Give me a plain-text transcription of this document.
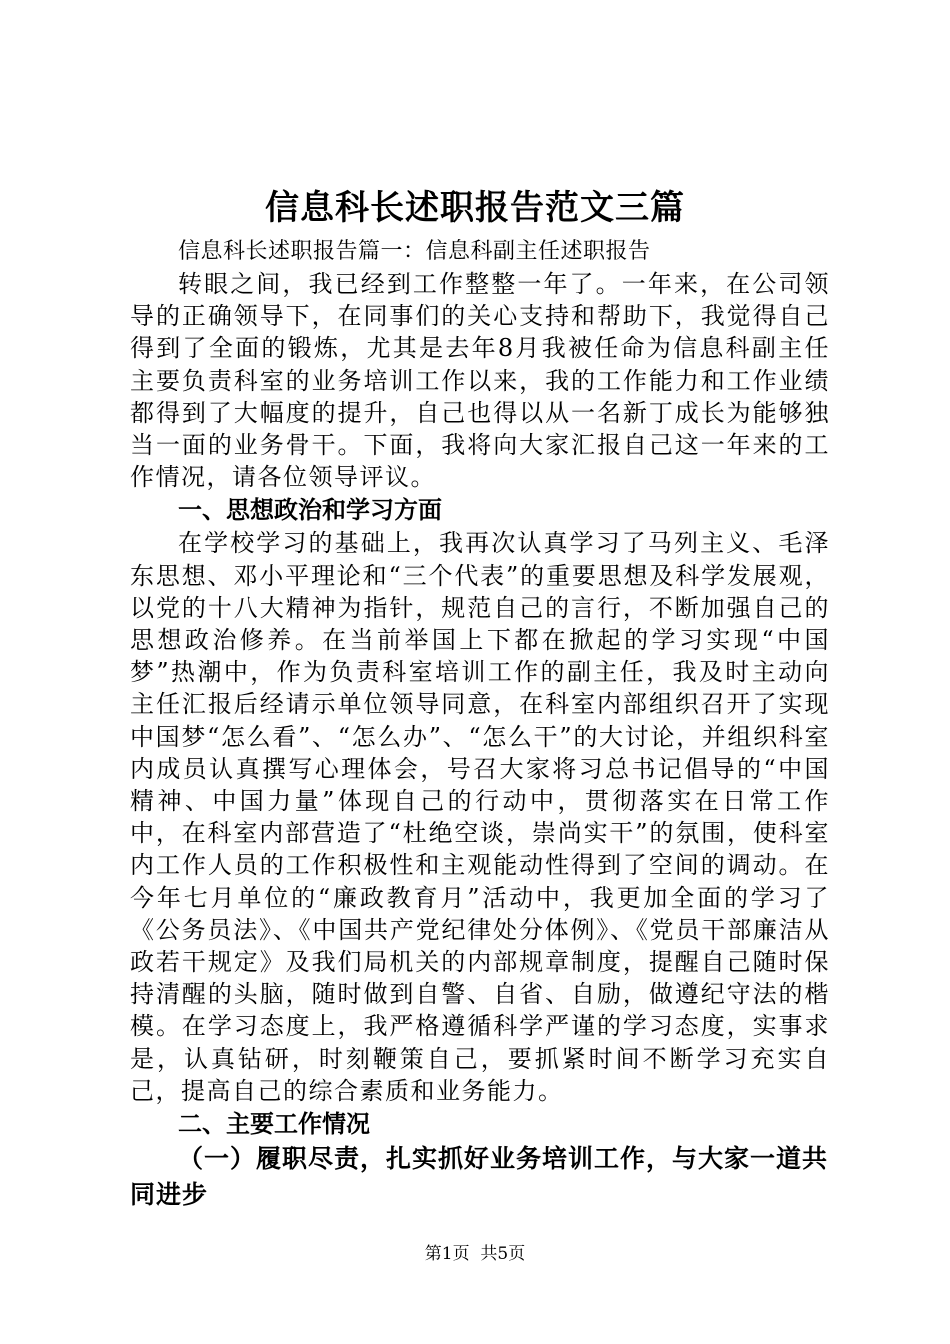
信息科长述职报告范文三篇

信息科长述职报告篇一：信息科副主任述职报告

转眼之间，我已经到工作整整一年了。一年来，在公司领导的正确领导下，在同事们的关心支持和帮助下，我觉得自己得到了全面的锻炼，尤其是去年8月我被任命为信息科副主任主要负责科室的业务培训工作以来，我的工作能力和工作业绩都得到了大幅度的提升，自己也得以从一名新丁成长为能够独当一面的业务骨干。下面，我将向大家汇报自己这一年来的工作情况，请各位领导评议。

一、思想政治和学习方面

在学校学习的基础上，我再次认真学习了马列主义、毛泽东思想、邓小平理论和“三个代表”的重要思想及科学发展观，以党的十八大精神为指针，规范自己的言行，不断加强自己的思想政治修养。在当前举国上下都在掀起的学习实现“中国梦”热潮中，作为负责科室培训工作的副主任，我及时主动向主任汇报后经请示单位领导同意，在科室内部组织召开了实现中国梦“怎么看”、“怎么办”、“怎么干”的大讨论，并组织科室内成员认真撰写心理体会，号召大家将习总书记倡导的“中国精神、中国力量”体现自己的行动中，贯彻落实在日常工作中，在科室内部营造了“杜绝空谈，崇尚实干”的氛围，使科室内工作人员的工作积极性和主观能动性得到了空间的调动。在今年七月单位的“廉政教育月”活动中，我更加全面的学习了《公务员法》、《中国共产党纪律处分体例》、《党员干部廉洁从政若干规定》及我们局机关的内部规章制度，提醒自己随时保持清醒的头脑，随时做到自警、自省、自励，做遵纪守法的楷模。在学习态度上，我严格遵循科学严谨的学习态度，实事求是，认真钻研，时刻鞭策自己，要抓紧时间不断学习充实自己，提高自己的综合素质和业务能力。

二、主要工作情况

（一）履职尽责，扎实抓好业务培训工作，与大家一道共同进步

第1页  共5页
